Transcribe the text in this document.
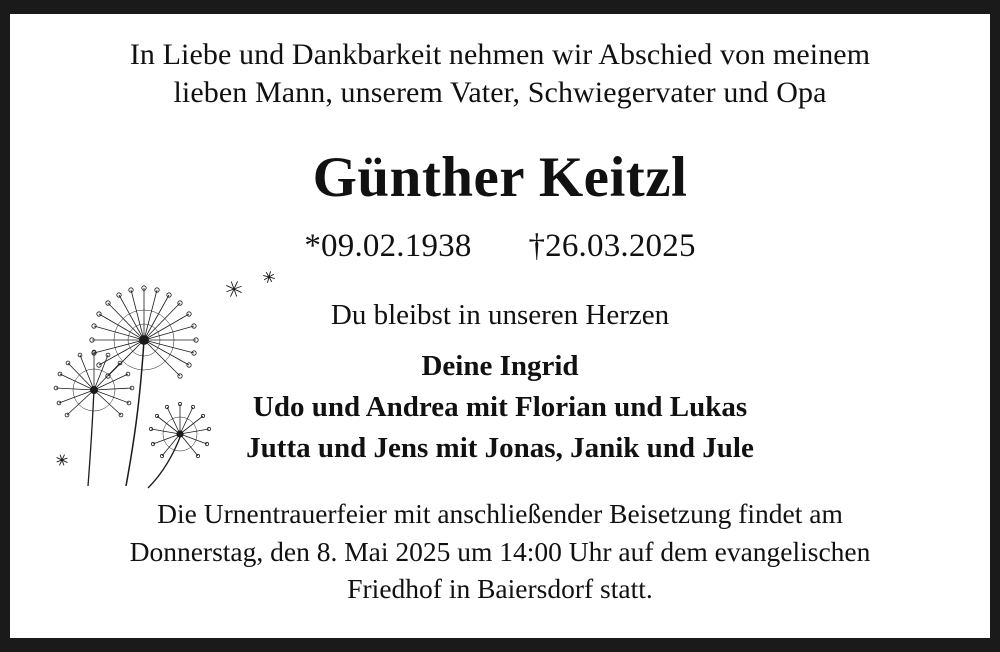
In Liebe und Dankbarkeit nehmen wir Abschied von meinem
lieben Mann, unserem Vater, Schwiegervater und Opa
Günther Keitzl
*09.02.1938 †26.03.2025
Du bleibst in unseren Herzen
Deine Ingrid
Udo und Andrea mit Florian und Lukas
Jutta und Jens mit Jonas, Janik und Jule
Die Urnentrauerfeier mit anschließender Beisetzung findet am
Donnerstag, den 8. Mai 2025 um 14:00 Uhr auf dem evangelischen
Friedhof in Baiersdorf statt.
